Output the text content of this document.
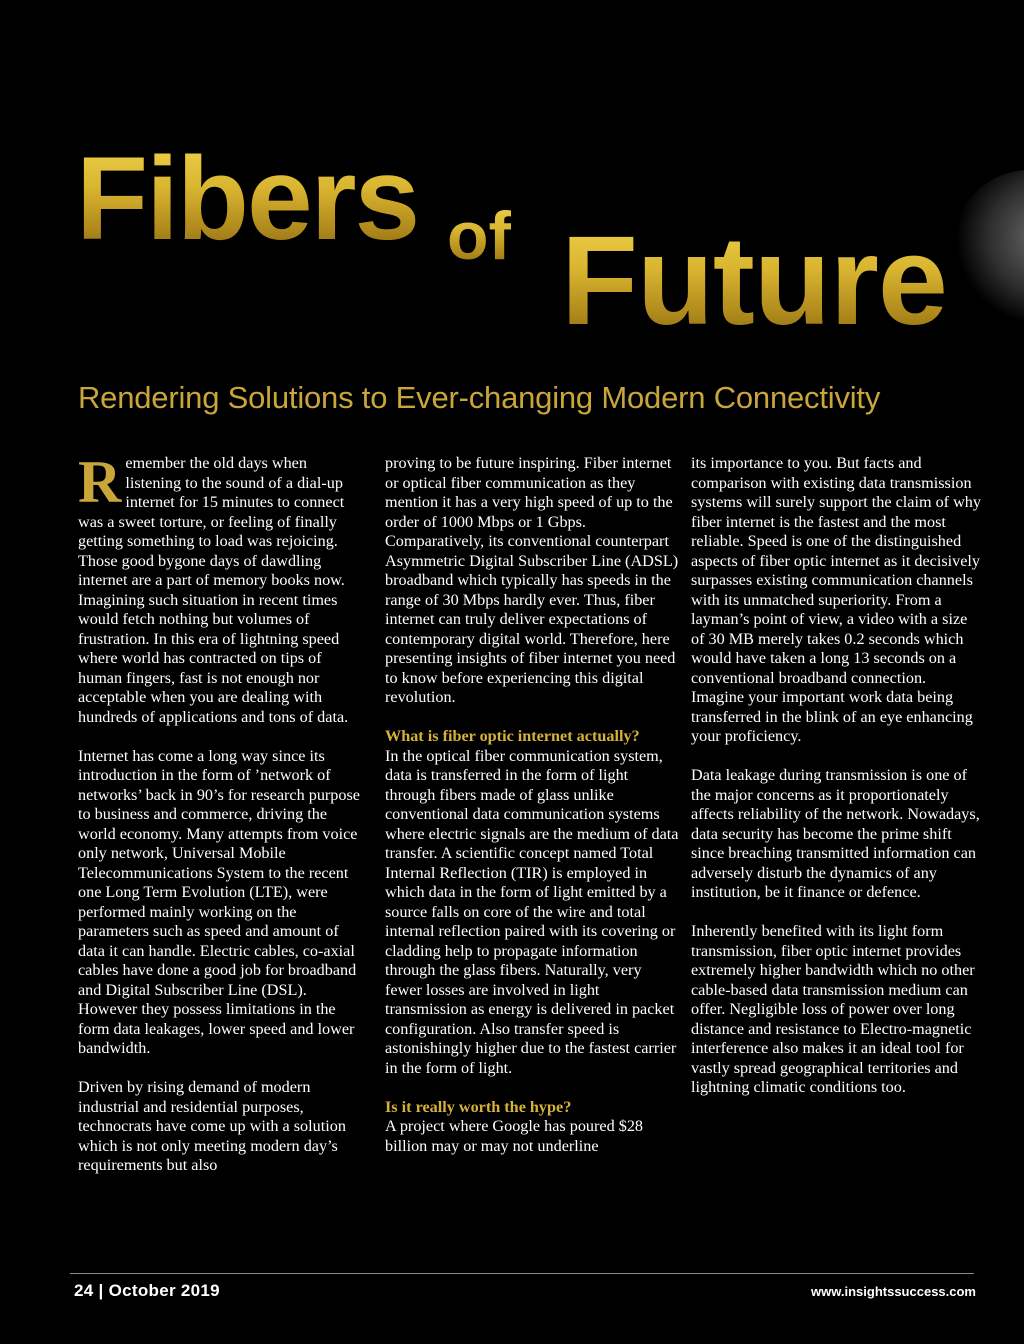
Fibers of Future
Rendering Solutions to Ever-changing Modern Connectivity

Remember the old days when listening to the sound of a dial-up internet for 15 minutes to connect was a sweet torture, or feeling of finally getting something to load was rejoicing. Those good bygone days of dawdling internet are a part of memory books now. Imagining such situation in recent times would fetch nothing but volumes of frustration. In this era of lightning speed where world has contracted on tips of human fingers, fast is not enough nor acceptable when you are dealing with hundreds of applications and tons of data.

Internet has come a long way since its introduction in the form of ’network of networks’ back in 90’s for research purpose to business and commerce, driving the world economy. Many attempts from voice only network, Universal Mobile Telecommunications System to the recent one Long Term Evolution (LTE), were performed mainly working on the parameters such as speed and amount of data it can handle. Electric cables, co-axial cables have done a good job for broadband and Digital Subscriber Line (DSL). However they possess limitations in the form data leakages, lower speed and lower bandwidth.

Driven by rising demand of modern industrial and residential purposes, technocrats have come up with a solution which is not only meeting modern day’s requirements but also

proving to be future inspiring. Fiber internet or optical fiber communication as they mention it has a very high speed of up to the order of 1000 Mbps or 1 Gbps. Comparatively, its conventional counterpart Asymmetric Digital Subscriber Line (ADSL) broadband which typically has speeds in the range of 30 Mbps hardly ever. Thus, fiber internet can truly deliver expectations of contemporary digital world. Therefore, here presenting insights of fiber internet you need to know before experiencing this digital revolution.

What is fiber optic internet actually?
In the optical fiber communication system, data is transferred in the form of light through fibers made of glass unlike conventional data communication systems where electric signals are the medium of data transfer. A scientific concept named Total Internal Reflection (TIR) is employed in which data in the form of light emitted by a source falls on core of the wire and total internal reflection paired with its covering or cladding help to propagate information through the glass fibers. Naturally, very fewer losses are involved in light transmission as energy is delivered in packet configuration. Also transfer speed is astonishingly higher due to the fastest carrier in the form of light.

Is it really worth the hype?
A project where Google has poured $28 billion may or may not underline

its importance to you. But facts and comparison with existing data transmission systems will surely support the claim of why fiber internet is the fastest and the most reliable. Speed is one of the distinguished aspects of fiber optic internet as it decisively surpasses existing communication channels with its unmatched superiority. From a layman’s point of view, a video with a size of 30 MB merely takes 0.2 seconds which would have taken a long 13 seconds on a conventional broadband connection. Imagine your important work data being transferred in the blink of an eye enhancing your proficiency.

Data leakage during transmission is one of the major concerns as it proportionately affects reliability of the network. Nowadays, data security has become the prime shift since breaching transmitted information can adversely disturb the dynamics of any institution, be it finance or defence.

Inherently benefited with its light form transmission, fiber optic internet provides extremely higher bandwidth which no other cable-based data transmission medium can offer. Negligible loss of power over long distance and resistance to Electro-magnetic interference also makes it an ideal tool for vastly spread geographical territories and lightning climatic conditions too.

24 | October 2019	www.insightssuccess.com
